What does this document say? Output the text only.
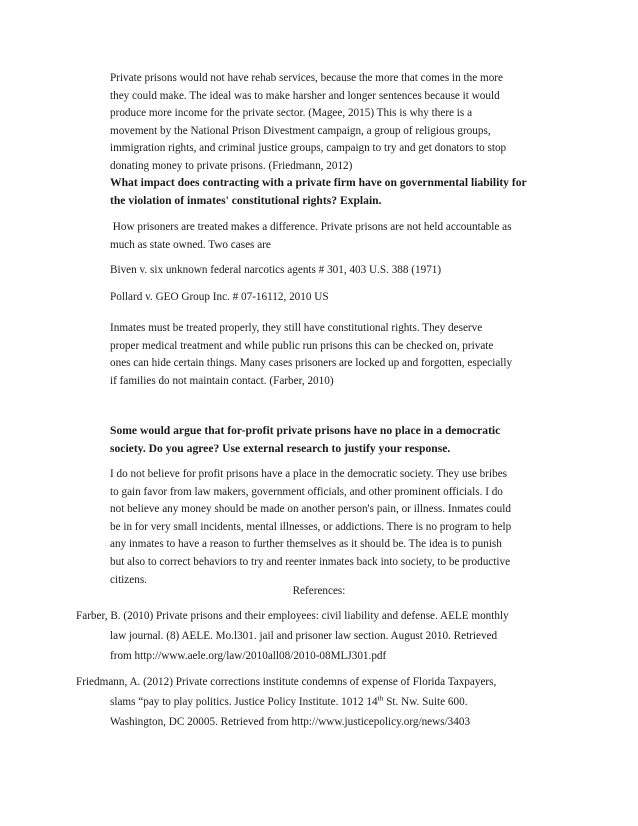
Private prisons would not have rehab services, because the more that comes in the more
they could make. The ideal was to make harsher and longer sentences because it would
produce more income for the private sector. (Magee, 2015) This is why there is a
movement by the National Prison Divestment campaign, a group of religious groups,
immigration rights, and criminal justice groups, campaign to try and get donators to stop
donating money to private prisons. (Friedmann, 2012)
What impact does contracting with a private firm have on governmental liability for
the violation of inmates' constitutional rights? Explain.
How prisoners are treated makes a difference. Private prisons are not held accountable as
much as state owned. Two cases are
Biven v. six unknown federal narcotics agents # 301, 403 U.S. 388 (1971)
Pollard v. GEO Group Inc. # 07-16112, 2010 US
Inmates must be treated properly, they still have constitutional rights. They deserve
proper medical treatment and while public run prisons this can be checked on, private
ones can hide certain things. Many cases prisoners are locked up and forgotten, especially
if families do not maintain contact. (Farber, 2010)
Some would argue that for-profit private prisons have no place in a democratic
society. Do you agree? Use external research to justify your response.
I do not believe for profit prisons have a place in the democratic society. They use bribes
to gain favor from law makers, government officials, and other prominent officials. I do
not believe any money should be made on another person's pain, or illness. Inmates could
be in for very small incidents, mental illnesses, or addictions. There is no program to help
any inmates to have a reason to further themselves as it should be. The idea is to punish
but also to correct behaviors to try and reenter inmates back into society, to be productive
citizens.
References:
Farber, B. (2010) Private prisons and their employees: civil liability and defense. AELE monthly
law journal. (8) AELE. Mo.l301. jail and prisoner law section. August 2010. Retrieved
from http://www.aele.org/law/2010all08/2010-08MLJ301.pdf
Friedmann, A. (2012) Private corrections institute condemns of expense of Florida Taxpayers,
slams “pay to play politics. Justice Policy Institute. 1012 14th St. Nw. Suite 600.
Washington, DC 20005. Retrieved from http://www.justicepolicy.org/news/3403
